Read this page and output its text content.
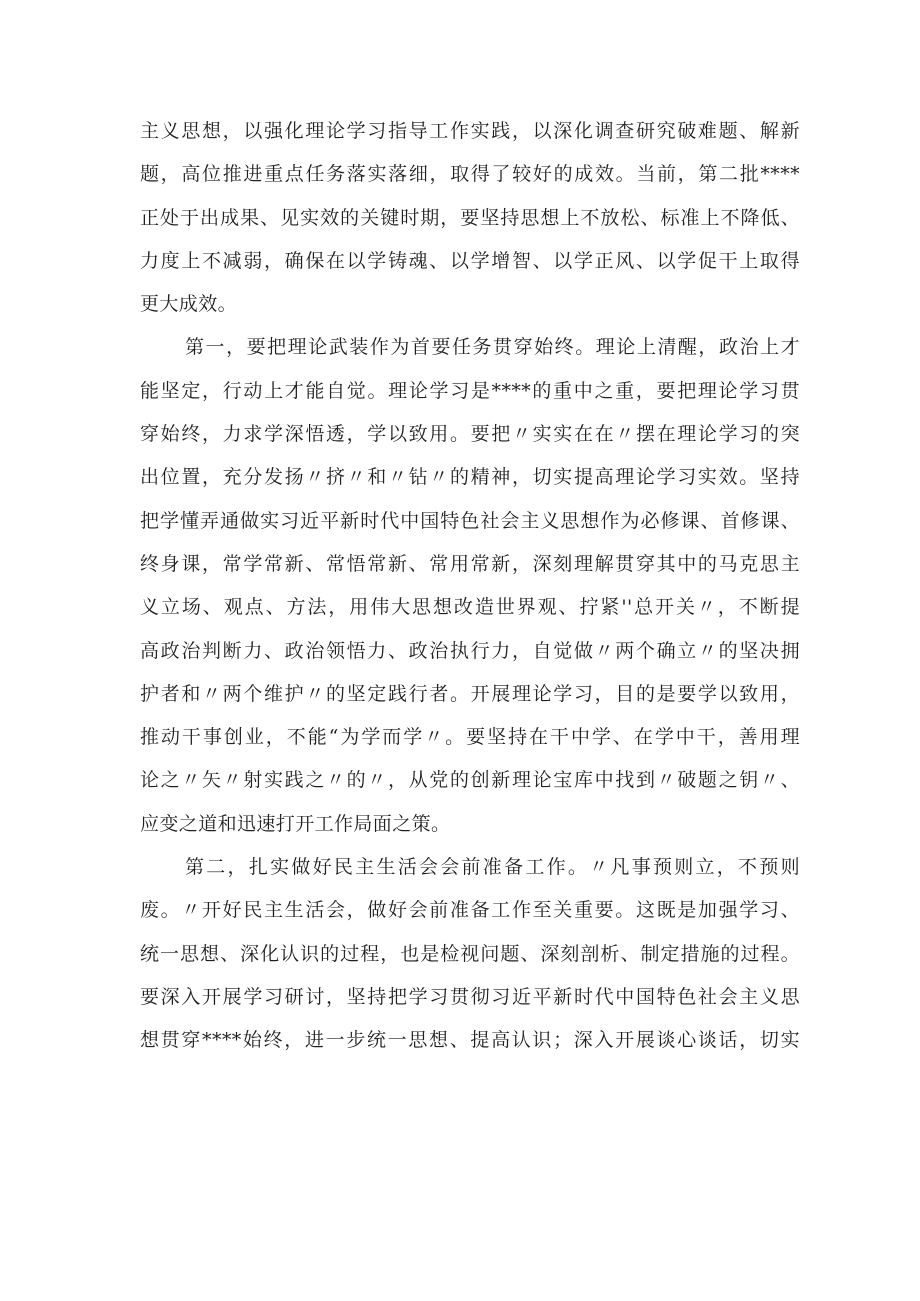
主义思想，以强化理论学习指导工作实践，以深化调查研究破难题、解新
题，高位推进重点任务落实落细，取得了较好的成效。当前，第二批****
正处于出成果、见实效的关键时期，要坚持思想上不放松、标准上不降低、
力度上不减弱，确保在以学铸魂、以学增智、以学正风、以学促干上取得
更大成效。
第一，要把理论武装作为首要任务贯穿始终。理论上清醒，政治上才
能坚定，行动上才能自觉。理论学习是****的重中之重，要把理论学习贯
穿始终，力求学深悟透，学以致用。要把〃实实在在〃摆在理论学习的突
出位置，充分发扬〃挤〃和〃钻〃的精神，切实提高理论学习实效。坚持
把学懂弄通做实习近平新时代中国特色社会主义思想作为必修课、首修课、
终身课，常学常新、常悟常新、常用常新，深刻理解贯穿其中的马克思主
义立场、观点、方法，用伟大思想改造世界观、拧紧''总开关〃，不断提
高政治判断力、政治领悟力、政治执行力，自觉做〃两个确立〃的坚决拥
护者和〃两个维护〃的坚定践行者。开展理论学习，目的是要学以致用，
推动干事创业，不能“为学而学〃。要坚持在干中学、在学中干，善用理
论之〃矢〃射实践之〃的〃，从党的创新理论宝库中找到〃破题之钥〃、
应变之道和迅速打开工作局面之策。
第二，扎实做好民主生活会会前准备工作。〃凡事预则立，不预则
废。〃开好民主生活会，做好会前准备工作至关重要。这既是加强学习、
统一思想、深化认识的过程，也是检视问题、深刻剖析、制定措施的过程。
要深入开展学习研讨，坚持把学习贯彻习近平新时代中国特色社会主义思
想贯穿****始终，进一步统一思想、提高认识；深入开展谈心谈话，切实
